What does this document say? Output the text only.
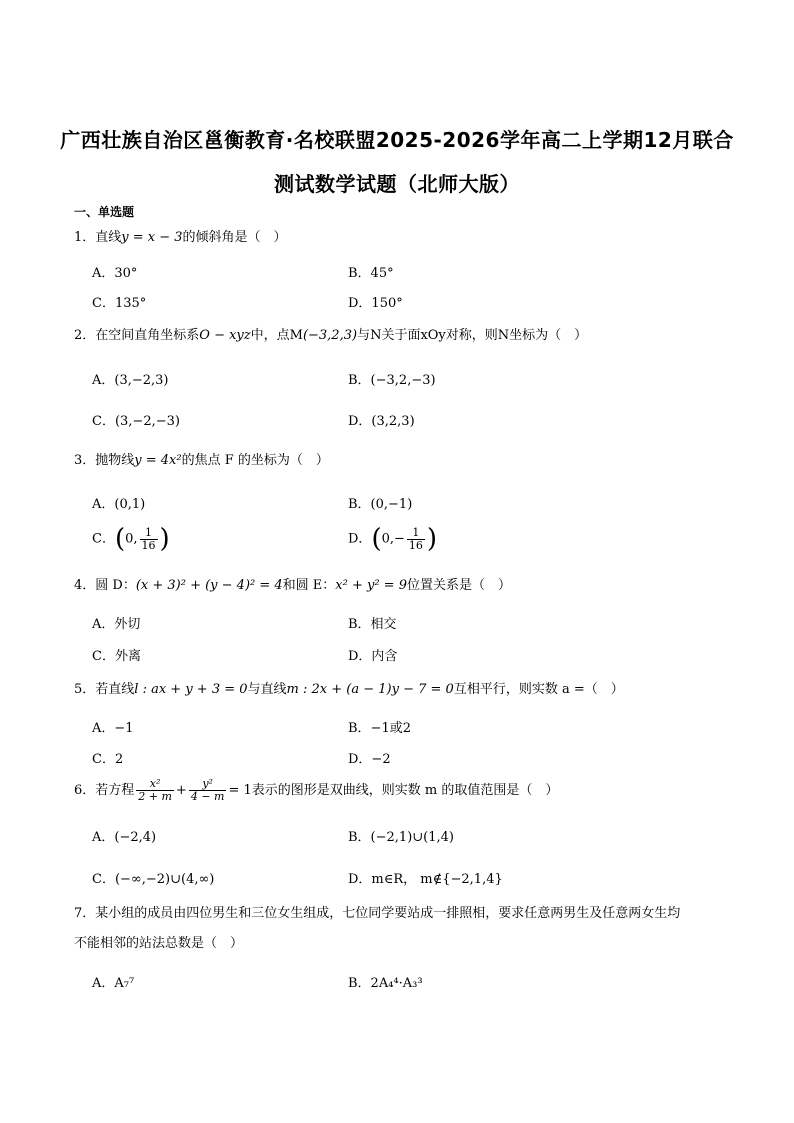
广西壮族自治区邕衡教育·名校联盟2025-2026学年高二上学期12月联合
测试数学试题（北师大版）
一、单选题
1．直线y = x − 3的倾斜角是（　）
A．30°	B．45°
C．135°	D．150°
2．在空间直角坐标系O − xyz中，点M(−3,2,3)与N关于面xOy对称，则N坐标为（　）
A．(3,−2,3)	B．(−3,2,−3)
C．(3,−2,−3)	D．(3,2,3)
3．抛物线y = 4x²的焦点 F 的坐标为（　）
A．(0,1)	B．(0,−1)
C．(0, $\frac{1}{16}$ )	D．($0,- \frac{1}{16}$ )
4．圆 D：(x + 3)² + (y − 4)² = 4和圆 E：x² + y² = 9位置关系是（　）
A．外切	B．相交
C．外离	D．内含
5．若直线l : ax + y + 3 = 0与直线m : 2x + (a − 1)y − 7 = 0互相平行，则实数 a =（　）
A．−1	B．−1或2
C．2	D．−2
6．若方程 $\frac{\text{x²}}{2 + m} + \frac{\text{y²}}{4 - m} = 1$表示的图形是双曲线，则实数 m 的取值范围是（　）
A．(−2,4)	B．(−2,1)∪(1,4)
C．(−∞,−2)∪(4,∞)	D．m∈R， m∉{−2,1,4}
7．某小组的成员由四位男生和三位女生组成，七位同学要站成一排照相，要求任意两男生及任意两女生均
不能相邻的站法总数是（　）
A．A₇⁷	B．2A₄⁴·A₃³
